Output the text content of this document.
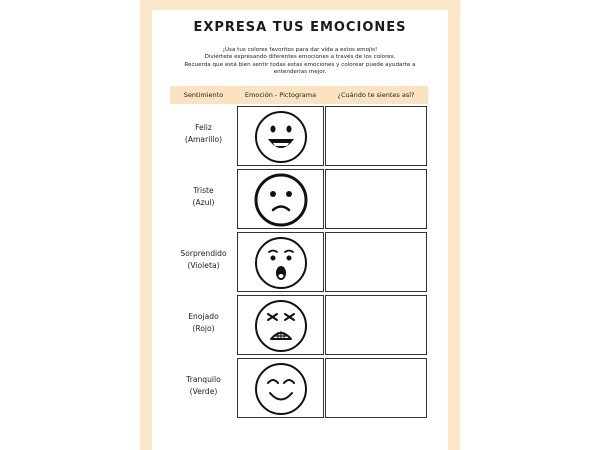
EXPRESA TUS EMOCIONES
¡Usa tus colores favoritos para dar vida a estos emojis!
Diviértete expresando diferentes emociones a través de los colores.
Recuerda que está bien sentir todas estas emociones y colorear puede ayudarte a
entenderlas mejor.
Sentimiento	Emoción - Pictograma	¿Cuándo te sientes así?
Feliz
(Amarillo)
Triste
(Azul)
Sorprendido
(Violeta)
Enojado
(Rojo)
Tranquilo
(Verde)
